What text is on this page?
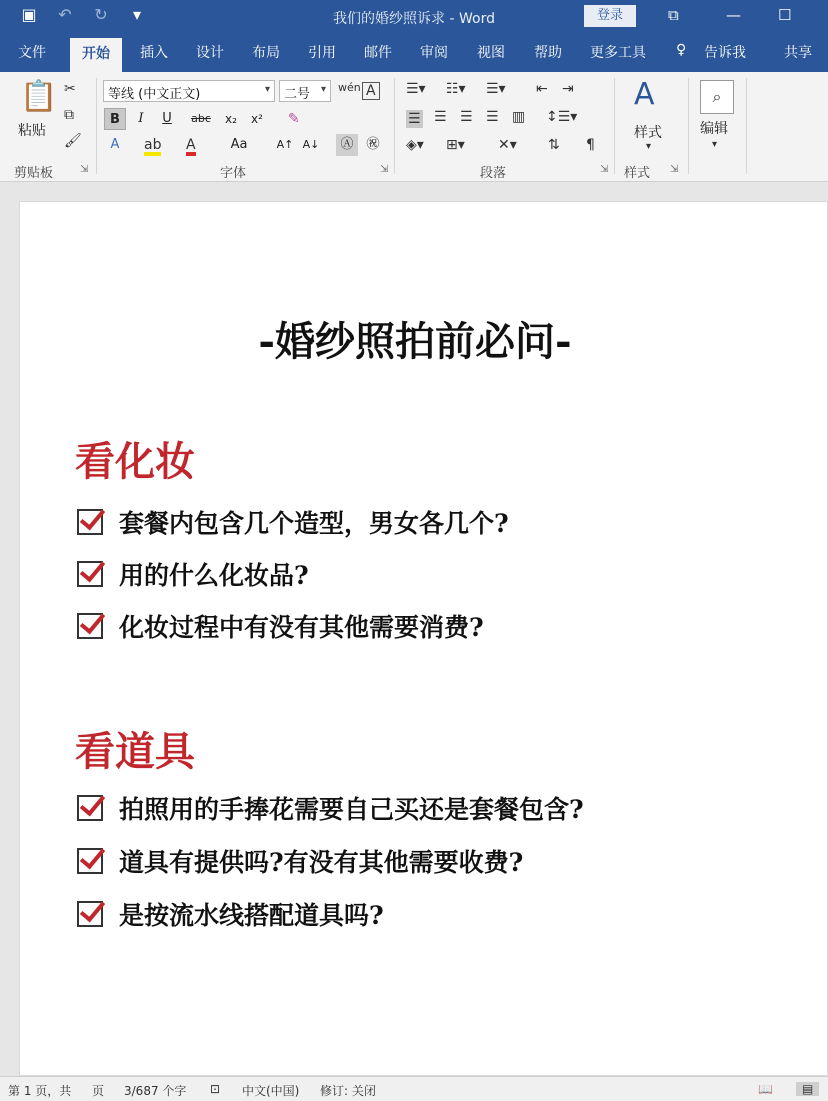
▣ ↶ ↻	▾	我们的婚纱照诉求 - Word	登录	⧉	— ☐
文件	开始	插入 设计 布局 引用 邮件 审阅 视图 帮助 更多工具 ♀ 告诉我	共享
📋
粘贴
✂
⧉
🖌
剪贴板	⇲
等线 (中文正文)	▾	二号 ▾ wén A
B	I	U	abc	x₂	x²	✎
A	ab A	Aa	A↑ A↓	Ⓐ ㊗
字体	⇲
☰▾ ☷▾ ☰▾ ⇤ ⇥
☰ ☰ ☰ ☰ ▥ ↕☰▾
◈▾ ⊞▾ ✕▾ ⇅ ¶
段落	⇲
A
样式
▾
样式 ⇲
⌕
编辑
▾
-婚纱照拍前必问-
看化妆
套餐内包含几个造型，男女各几个?
用的什么化妆品?
化妆过程中有没有其他需要消费?
看道具
拍照用的手捧花需要自己买还是套餐包含?
道具有提供吗?有没有其他需要收费?
是按流水线搭配道具吗?
第 1 页，共 页 3/687 个字 ⊡ 中文(中国) 修订: 关闭	📖	▤
